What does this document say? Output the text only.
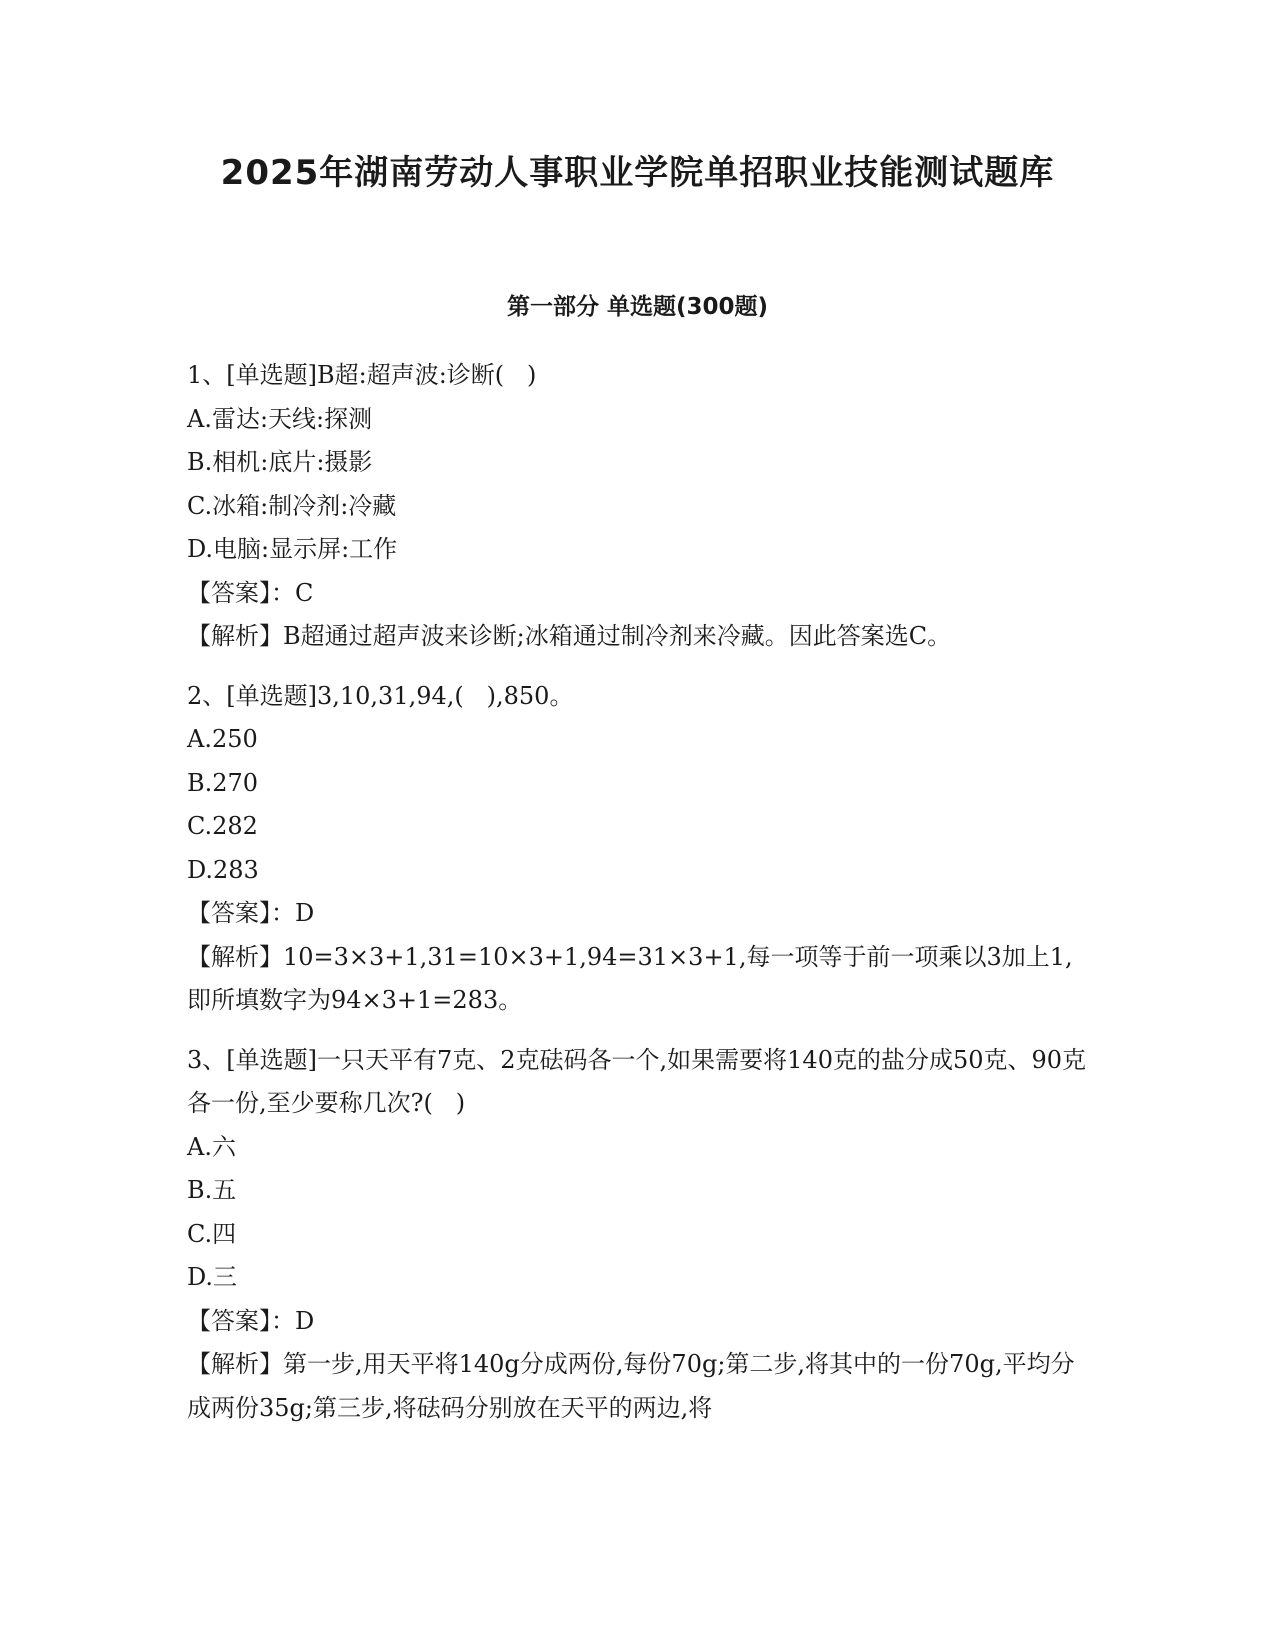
2025年湖南劳动人事职业学院单招职业技能测试题库
第一部分 单选题(300题)

1、[单选题]B超:超声波:诊断(   )

A.雷达:天线:探测

B.相机:底片:摄影

C.冰箱:制冷剂:冷藏

D.电脑:显示屏:工作

【答案】：C

【解析】B超通过超声波来诊断;冰箱通过制冷剂来冷藏。因此答案选C。

2、[单选题]3,10,31,94,(   ),850。

A.250

B.270

C.282

D.283

【答案】：D

【解析】10=3×3+1,31=10×3+1,94=31×3+1,每一项等于前一项乘以3加上1,即所填数字为94×3+1=283。

3、[单选题]一只天平有7克、2克砝码各一个,如果需要将140克的盐分成50克、90克各一份,至少要称几次?(   )

A.六

B.五

C.四

D.三

【答案】：D

【解析】第一步,用天平将140g分成两份,每份70g;第二步,将其中的一份70g,平均分成两份35g;第三步,将砝码分别放在天平的两边,将
